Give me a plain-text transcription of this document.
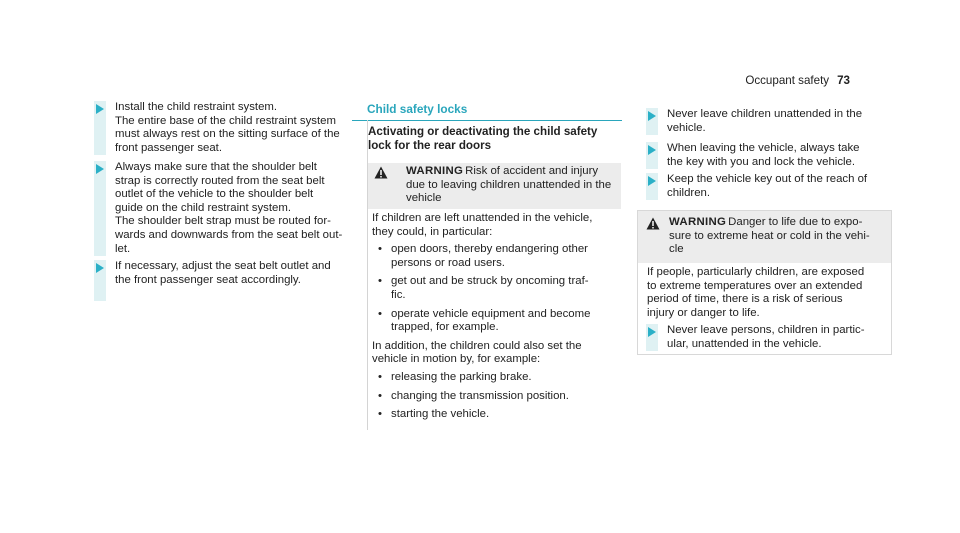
Occupant safety 73

Install the child restraint system.

The entire base of the child restraint system

must always rest on the sitting surface of the

front passenger seat.

Always make sure that the shoulder belt

strap is correctly routed from the seat belt

outlet of the vehicle to the shoulder belt

guide on the child restraint system.

The shoulder belt strap must be routed for-

wards and downwards from the seat belt out-

let.

If necessary, adjust the seat belt outlet and

the front passenger seat accordingly.

Child safety locks
Activating or deactivating the child safety
lock for the rear doors
WARNING Risk of accident and injury
due to leaving children unattended in the
vehicle

If children are left unattended in the vehicle,
they could, in particular:

• open doors, thereby endangering other
persons or road users.
• get out and be struck by oncoming traf-
fic.
• operate vehicle equipment and become
trapped, for example.

In addition, the children could also set the
vehicle in motion by, for example:

• releasing the parking brake.
• changing the transmission position.
• starting the vehicle.

Never leave children unattended in the

vehicle.

When leaving the vehicle, always take

the key with you and lock the vehicle.

Keep the vehicle key out of the reach of

children.

WARNING Danger to life due to expo-
sure to extreme heat or cold in the vehi-
cle

If people, particularly children, are exposed
to extreme temperatures over an extended
period of time, there is a risk of serious
injury or danger to life.

Never leave persons, children in partic-

ular, unattended in the vehicle.
